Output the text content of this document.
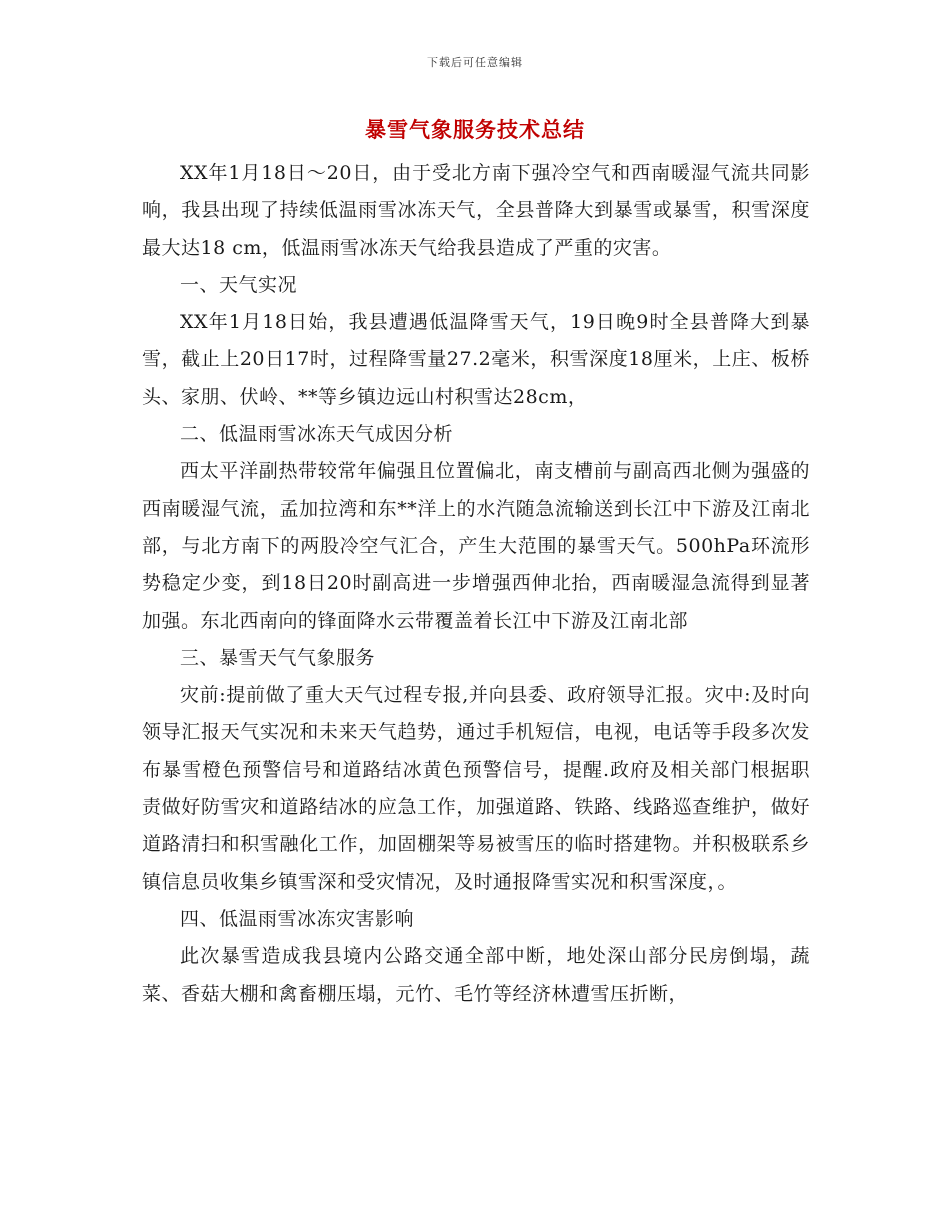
下载后可任意编辑
暴雪气象服务技术总结

XX年1月18日～20日，由于受北方南下强冷空气和西南暖湿气流共同影响，我县出现了持续低温雨雪冰冻天气，全县普降大到暴雪或暴雪，积雪深度最大达18 cm，低温雨雪冰冻天气给我县造成了严重的灾害。

一、天气实况

XX年1月18日始，我县遭遇低温降雪天气，19日晚9时全县普降大到暴雪，截止上20日17时，过程降雪量27.2毫米，积雪深度18厘米，上庄、板桥头、家朋、伏岭、**等乡镇边远山村积雪达28cm，

二、低温雨雪冰冻天气成因分析

西太平洋副热带较常年偏强且位置偏北，南支槽前与副高西北侧为强盛的西南暖湿气流，孟加拉湾和东**洋上的水汽随急流输送到长江中下游及江南北部，与北方南下的两股冷空气汇合，产生大范围的暴雪天气。500hPa环流形势稳定少变，到18日20时副高进一步增强西伸北抬，西南暖湿急流得到显著加强。东北西南向的锋面降水云带覆盖着长江中下游及江南北部

三、暴雪天气气象服务

灾前:提前做了重大天气过程专报,并向县委、政府领导汇报。灾中:及时向领导汇报天气实况和未来天气趋势，通过手机短信，电视，电话等手段多次发布暴雪橙色预警信号和道路结冰黄色预警信号，提醒.政府及相关部门根据职责做好防雪灾和道路结冰的应急工作，加强道路、铁路、线路巡查维护，做好道路清扫和积雪融化工作，加固棚架等易被雪压的临时搭建物。并积极联系乡镇信息员收集乡镇雪深和受灾情况，及时通报降雪实况和积雪深度，。

四、低温雨雪冰冻灾害影响

此次暴雪造成我县境内公路交通全部中断，地处深山部分民房倒塌，蔬菜、香菇大棚和禽畜棚压塌，元竹、毛竹等经济林遭雪压折断，
